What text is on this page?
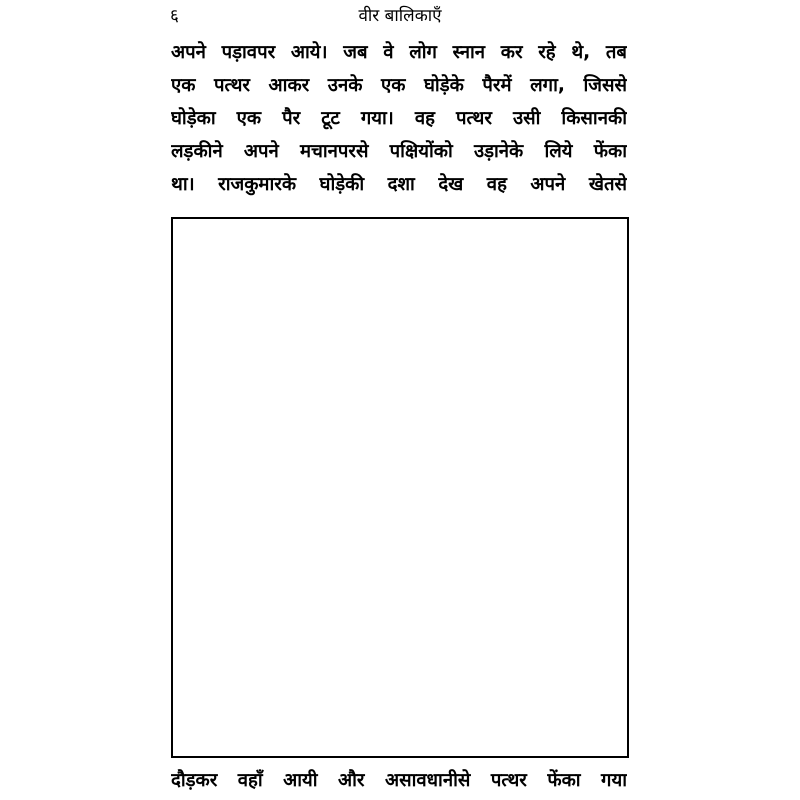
६	वीर बालिकाएँ
अपने पड़ावपर आये। जब वे लोग स्नान कर रहे थे, तब
एक पत्थर आकर उनके एक घोड़ेके पैरमें लगा, जिससे
घोड़ेका एक पैर टूट गया। वह पत्थर उसी किसानकी
लड़कीने अपने मचानपरसे पक्षियोंको उड़ानेके लिये फेंका
था। राजकुमारके घोड़ेकी दशा देख वह अपने खेतसे
दौड़कर वहाँ आयी और असावधानीसे पत्थर फेंका गया
